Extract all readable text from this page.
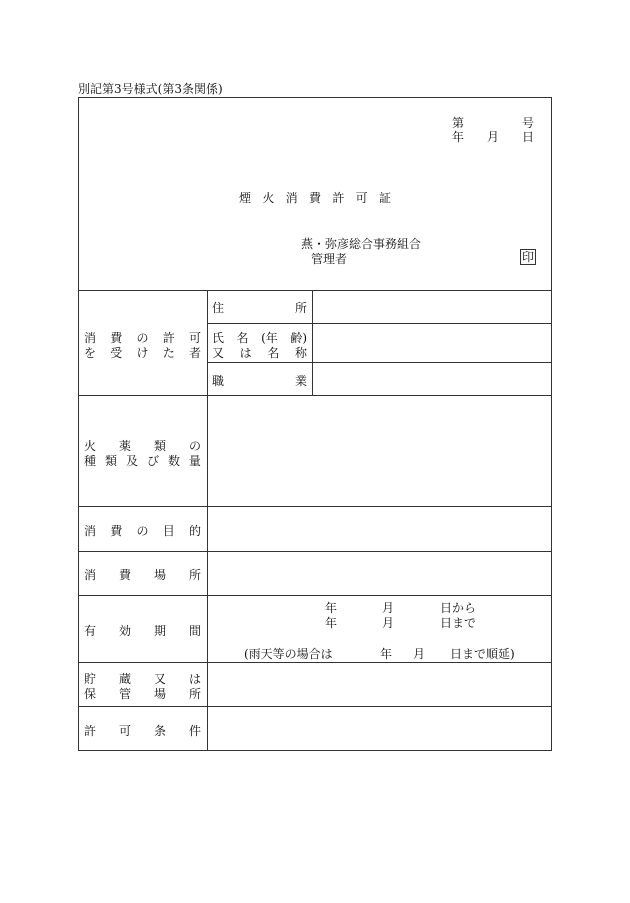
別記第3号様式(第3条関係)
第	号
年 月 日
煙 火 消 費 許 可 証
燕・弥彦総合事務組合
管理者	印
消 費 の 許 可
を 受 け た 者
住	所
氏 名 (年 齢)
又 は 名 称
職	業
火 薬 類 の
種 類 及 び 数 量
消 費 の 目 的
消 費 場 所
有 効 期 間
年	月	日から
年	月	日まで
(雨天等の場合は	年 月 日まで順延)
貯 蔵 又 は
保 管 場 所
許 可 条 件
